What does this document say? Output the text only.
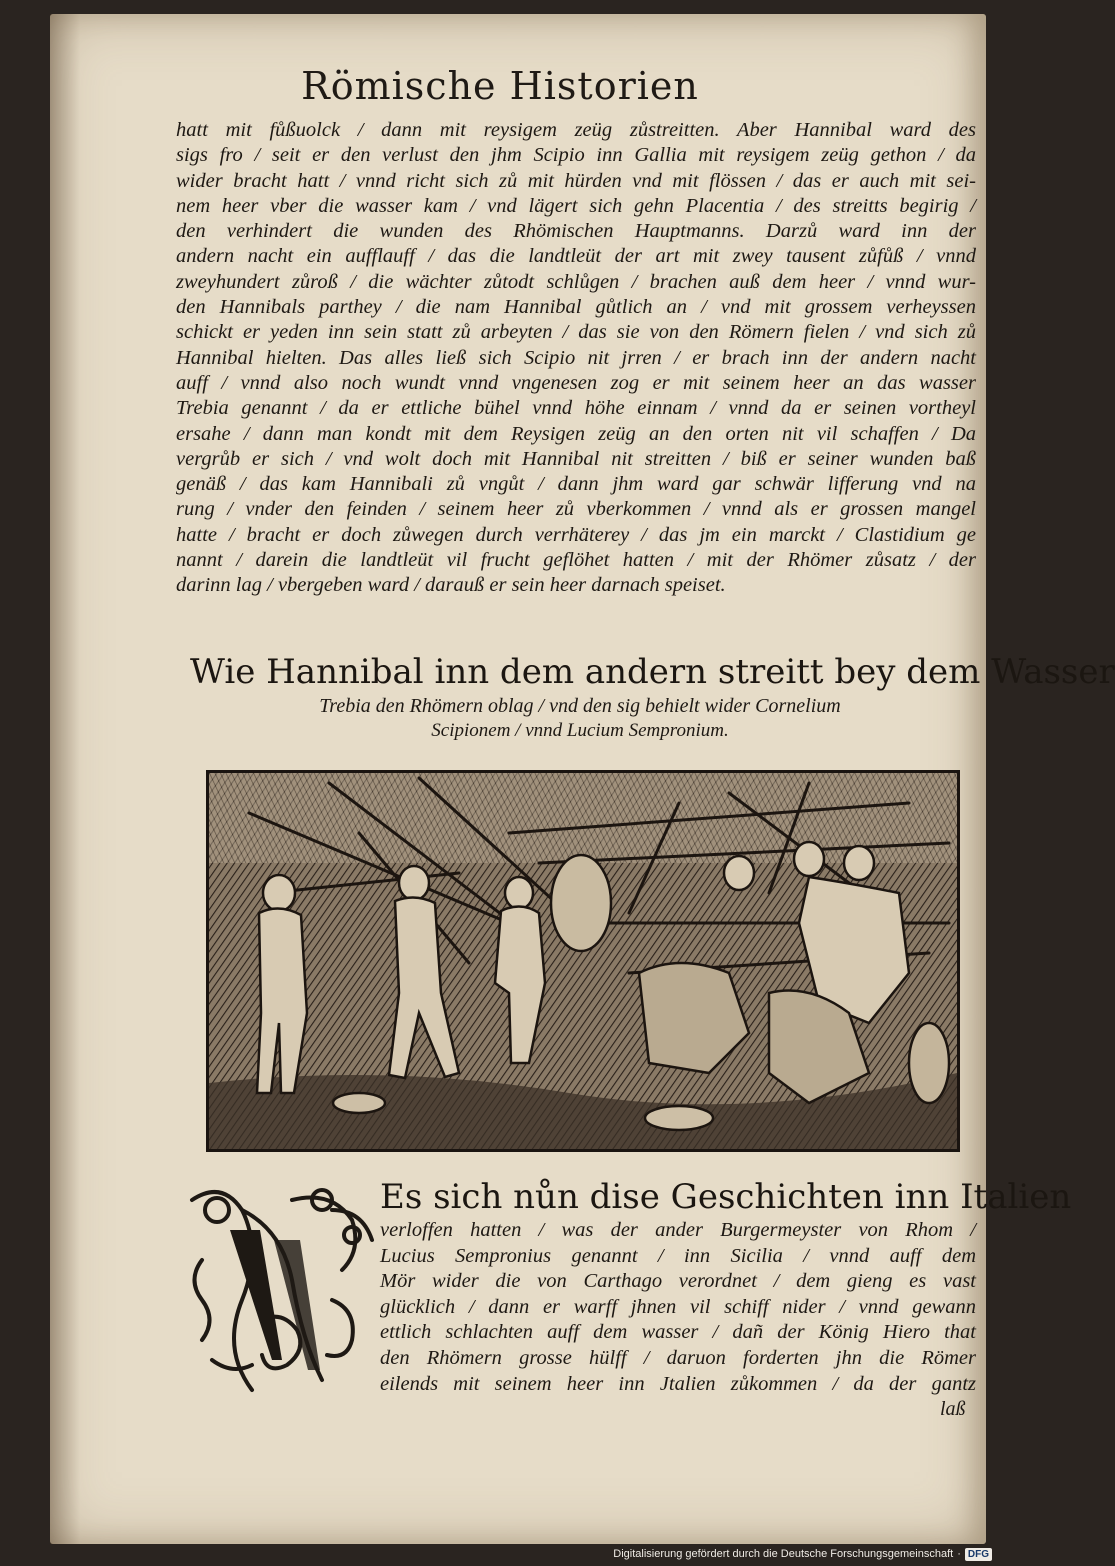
Römische Historien
hatt mit fůßuolck / dann mit reysigem zeüg zůstreitten. Aber Hannibal ward des
sigs fro / seit er den verlust den jhm Scipio inn Gallia mit reysigem zeüg gethon / da
wider bracht hatt / vnnd richt sich zů mit hürden vnd mit flössen / das er auch mit sei-
nem heer vber die wasser kam / vnd lägert sich gehn Placentia / des streitts begirig /
den verhindert die wunden des Rhömischen Hauptmanns. Darzů ward inn der
andern nacht ein aufflauff / das die landtleüt der art mit zwey tausent zůfůß / vnnd
zweyhundert zůroß / die wächter zůtodt schlůgen / brachen auß dem heer / vnnd wur-
den Hannibals parthey / die nam Hannibal gůtlich an / vnd mit grossem verheyssen
schickt er yeden inn sein statt zů arbeyten / das sie von den Römern fielen / vnd sich zů
Hannibal hielten. Das alles ließ sich Scipio nit jrren / er brach inn der andern nacht
auff / vnnd also noch wundt vnnd vngenesen zog er mit seinem heer an das wasser
Trebia genannt / da er ettliche bühel vnnd höhe einnam / vnnd da er seinen vortheyl
ersahe / dann man kondt mit dem Reysigen zeüg an den orten nit vil schaffen / Da
vergrůb er sich / vnd wolt doch mit Hannibal nit streitten / biß er seiner wunden baß
genäß / das kam Hannibali zů vngůt / dann jhm ward gar schwär lifferung vnd na
rung / vnder den feinden / seinem heer zů vberkommen / vnnd als er grossen mangel
hatte / bracht er doch zůwegen durch verrhäterey / das jm ein marckt / Clastidium ge
nannt / darein die landtleüt vil frucht geflöhet hatten / mit der Rhömer zůsatz / der
darinn lag / vbergeben ward / darauß er sein heer darnach speiset.
Wie Hannibal inn dem andern streitt bey dem Wasser
Trebia den Rhömern oblag / vnd den sig behielt wider Cornelium
Scipionem / vnnd Lucium Sempronium.
Es sich nůn dise Geschichten inn Italien
verloffen hatten / was der ander Burgermeyster von Rhom /
Lucius Sempronius genannt / inn Sicilia / vnnd auff dem
Mör wider die von Carthago verordnet / dem gieng es vast
glücklich / dann er warff jhnen vil schiff nider / vnnd gewann
ettlich schlachten auff dem wasser / dañ der König Hiero that
den Rhömern grosse hülff / daruon forderten jhn die Römer
eilends mit seinem heer inn Jtalien zůkommen / da der gantz
laß
Digitalisierung gefördert durch die Deutsche Forschungsgemeinschaft · DFG
